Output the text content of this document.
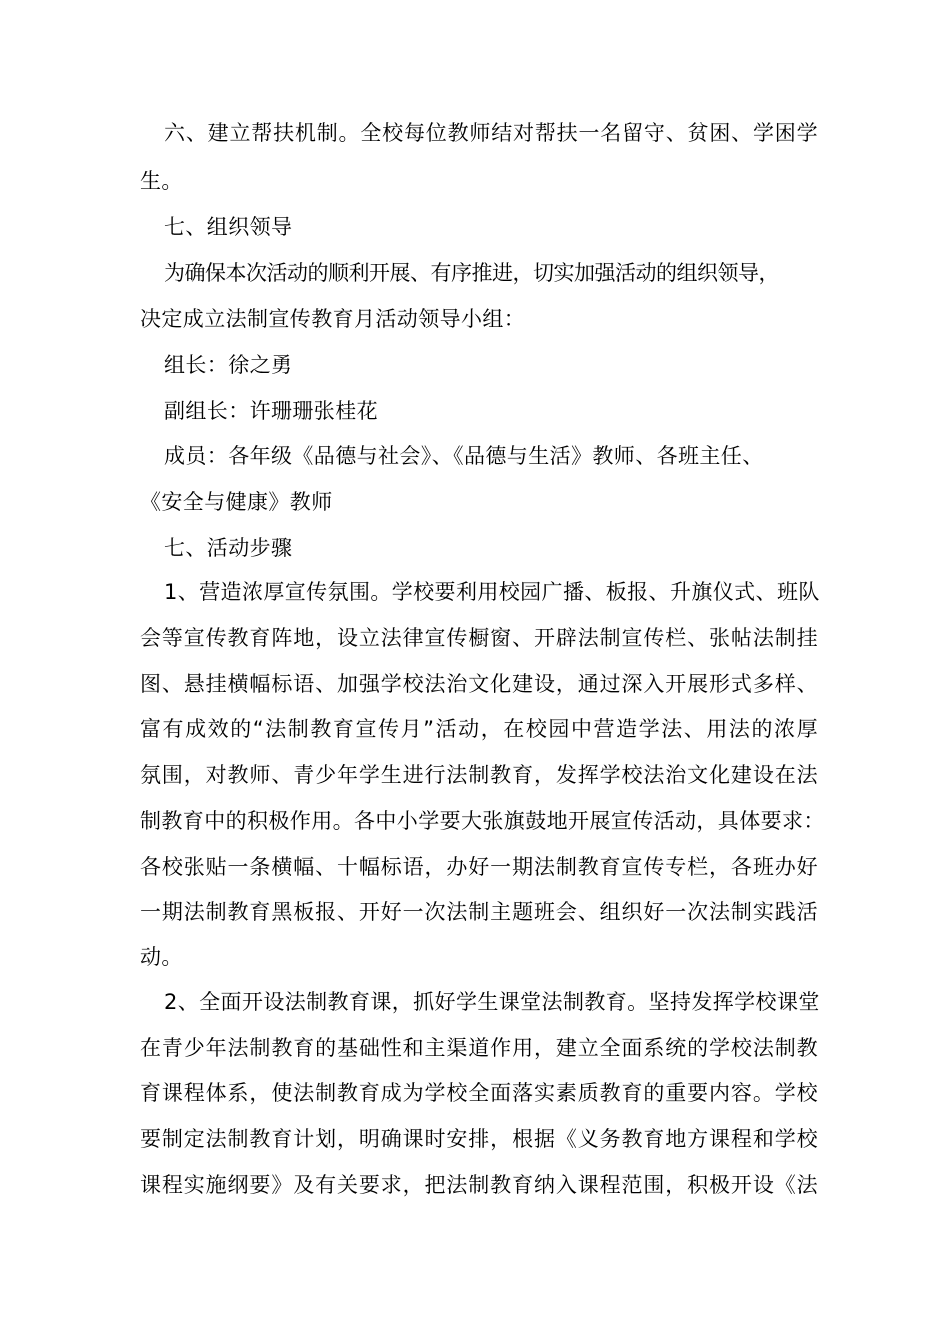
六、建立帮扶机制。全校每位教师结对帮扶一名留守、贫困、学困学
生。
七、组织领导
为确保本次活动的顺利开展、有序推进，切实加强活动的组织领导，
决定成立法制宣传教育月活动领导小组：
组长：徐之勇
副组长：许珊珊张桂花
成员：各年级《品德与社会》、《品德与生活》教师、各班主任、
《安全与健康》教师
七、活动步骤
1、营造浓厚宣传氛围。学校要利用校园广播、板报、升旗仪式、班队
会等宣传教育阵地，设立法律宣传橱窗、开辟法制宣传栏、张帖法制挂
图、悬挂横幅标语、加强学校法治文化建设，通过深入开展形式多样、
富有成效的“法制教育宣传月”活动，在校园中营造学法、用法的浓厚
氛围，对教师、青少年学生进行法制教育，发挥学校法治文化建设在法
制教育中的积极作用。各中小学要大张旗鼓地开展宣传活动，具体要求：
各校张贴一条横幅、十幅标语，办好一期法制教育宣传专栏，各班办好
一期法制教育黑板报、开好一次法制主题班会、组织好一次法制实践活
动。
2、全面开设法制教育课，抓好学生课堂法制教育。坚持发挥学校课堂
在青少年法制教育的基础性和主渠道作用，建立全面系统的学校法制教
育课程体系，使法制教育成为学校全面落实素质教育的重要内容。学校
要制定法制教育计划，明确课时安排，根据《义务教育地方课程和学校
课程实施纲要》及有关要求，把法制教育纳入课程范围，积极开设《法
